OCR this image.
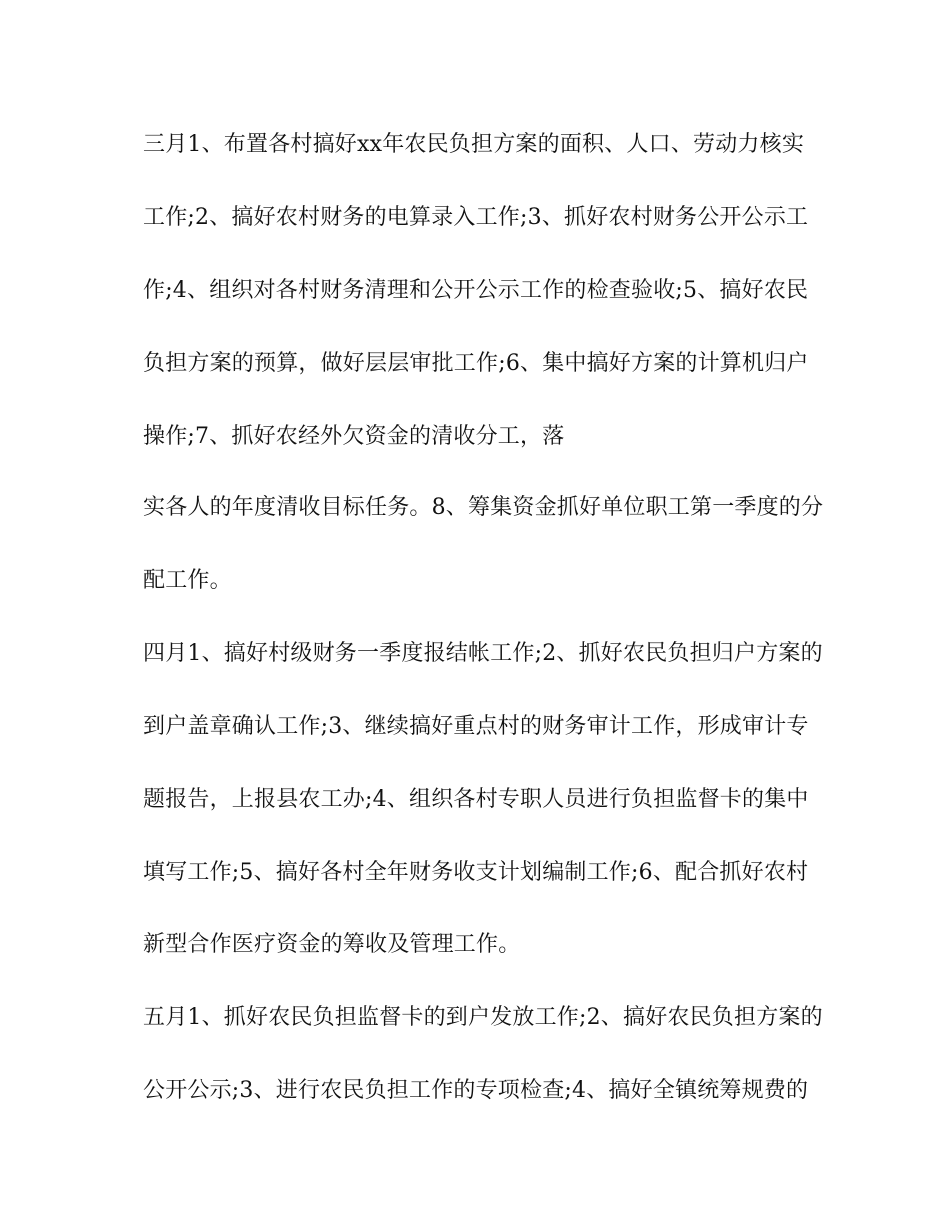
三月1、布置各村搞好xx年农民负担方案的面积、人口、劳动力核实
工作;2、搞好农村财务的电算录入工作;3、抓好农村财务公开公示工
作;4、组织对各村财务清理和公开公示工作的检查验收;5、搞好农民
负担方案的预算，做好层层审批工作;6、集中搞好方案的计算机归户
操作;7、抓好农经外欠资金的清收分工，落
实各人的年度清收目标任务。8、筹集资金抓好单位职工第一季度的分
配工作。
四月1、搞好村级财务一季度报结帐工作;2、抓好农民负担归户方案的
到户盖章确认工作;3、继续搞好重点村的财务审计工作，形成审计专
题报告，上报县农工办;4、组织各村专职人员进行负担监督卡的集中
填写工作;5、搞好各村全年财务收支计划编制工作;6、配合抓好农村
新型合作医疗资金的筹收及管理工作。
五月1、抓好农民负担监督卡的到户发放工作;2、搞好农民负担方案的
公开公示;3、进行农民负担工作的专项检查;4、搞好全镇统筹规费的
